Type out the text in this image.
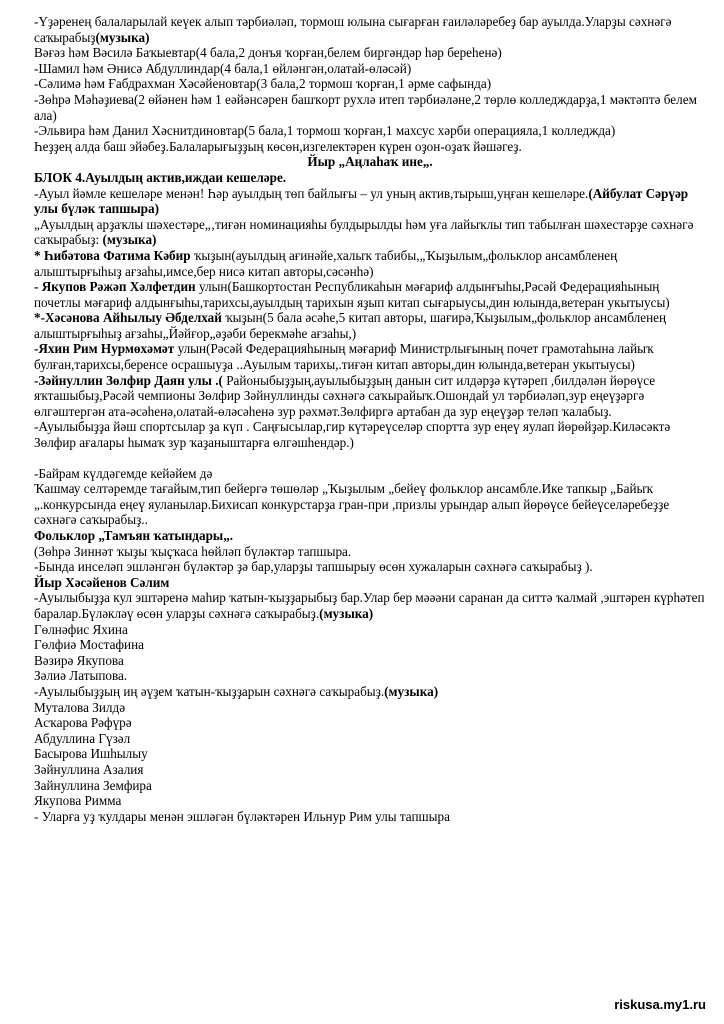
-Үҙәренең балаларылай кеүек алып тәрбиәләп, тормош юлына сығарған ғаиләләребеҙ бар ауылда.Уларҙы сәхнәгә саҡырабыҙ(музыка)

Вәғәз һәм Вәсилә Баҡыевтар(4 бала,2 донъя ҡорған,белем биргәндәр һәр береһенә)

-Шамил һәм Әнисә Абдуллиндар(4 бала,1 өйләнгән,олатай-өләсәй)

-Сәлимә һәм Ғабдрахман Хәсәйеновтар(3 бала,2 тормош ҡорған,1 әрме сафында)

-Зөһрә Мәһәҙиева(2 өйәнен һәм 1 еәйәнсәрен башҡорт рухлә итеп тәрбиәләне,2 төрлө колледждарҙа,1 мәктәптә белем ала)

-Эльвира һәм Данил Хәснитдиновтар(5 бала,1 тормош ҡорған,1 махсус хәрби операцияла,1 колледжда)

Һеҙҙең алда баш эйәбеҙ.Балаларығыҙҙың көсөн,изгелектәрен күрен оҙон-оҙаҡ йәшәгеҙ.

Йыр „Аңлаһаҡ ине„.

БЛОК 4.Ауылдың актив,иждаи кешеләре.

-Ауыл йәмле кешеләре менән! Һәр ауылдың төп байлығы – ул уның актив,тырыш,уңған кешеләре.(Айбулат Сәрүәр улы бүләк тапшыра)

„Ауылдың арҙаҡлы шәхестәре„‚тиғән номинацияһы булдырылды һәм уға лайыҡлы тип табылған шәхестәрҙе сәхнәгә саҡырабыҙ: (музыка)

* Һибәтова Фатима Кәбир ҡыҙын(ауылдың ағинәйе,халыҡ табибы,„Ҡыҙылым„фольклор ансамбленең алыштырғыһыҙ ағзаһы,имсе,бер нисә китап авторы,сәсәнһә)

- Якупов Рәжәп Хәлфетдин улын(Башкортостан Республикаһын мәғариф алдынғыһы,Рәсәй Федерацияһының почетлы мәғариф алдынғыһы,тарихсы,ауылдың тарихын яҙып китап сығарыусы,дин юлында,ветеран укытыусы)

*-Хәсәнова Айһылыу Әбделхай ҡыҙын(5 бала әсәһе,5 китап авторы, шағирә,Ҡыҙылым„фольклор ансамбленең алыштырғыһыҙ ағзаһы„Йәйғор„әҙәби берекмәһе ағзаһы,)

-Яхин Рим Нурмөхәмәт улын(Рәсәй Федерацияһының мәғариф Министрлығының почет грамотаһына лайыҡ булған,тарихсы,беренсе осрашыуҙа ..Ауылым тарихы,.тиғән китап авторы,дин юлында,ветеран укытыусы)

-Зәйнуллин Зөлфир Даян улы .( Районыбыҙҙың,ауылыбыҙҙың данын сит илдәрҙә күтәреп ,билдәлән йөрөүсе яҡташыбыҙ,Рәсәй чемпионы Зөлфир Зәйнуллинды сәхнәгә саҡырайыҡ.Ошондай ул тәрбиәләп,зур еңеүҙәргә өлгәштергән ата-әсәһенә,олатай-өләсәһенә зур рәхмәт.Зөлфиргә артабан да зур еңеүҙәр теләп ҡалабыҙ.

-Ауылыбыҙҙа йәш спортсылар ҙа күп . Саңғысылар,гир күтәреүселәр спортта зур еңеү яулап йөрөйҙәр.Киләсәктә Зөлфир ағалары һымаҡ зур ҡаҙаныштарға өлгәшһендәр.)

-Байрам күлдәгемде кейәйем дә

Ҡашмау селтәремде тағайым,тип бейергә төшөләр „Ҡыҙылым „бейеү фольклор ансамбле.Ике тапкыр „Байыҡ „.конкурсында еңеү яуланылар.Бихисап конкурстарҙа гран-при ,призлы урындар алып йөрөүсе бейеүселәребеҙҙе сәхнәгә саҡырабыҙ..

Фольклор „Тамъян ҡатындары„.

(Зөһрә Зиннәт ҡыҙы ҡыҫҡаса һөйләп бүләктәр тапшыра.

-Бында инселәп эшләнгән бүләктәр ҙә бар,уларҙы тапшырыу өсөн хужаларын сәхнәгә саҡырабыҙ ).

Йыр Хәсәйенов Сәлим

-Ауылыбыҙҙа кул эштәренә маһир ҡатын-ҡыҙҙарыбыҙ бар.Улар бер мәәәни саранан да ситтә ҡалмай ,эштәрен күрһәтеп баралар.Бүләкләү өсөн уларҙы сәхнәгә саҡырабыҙ.(музыка)

Гөлнәфис Яхина

Гөлфиә Мостафина

Вәзирә Якупова

Зәлиә Латыпова.

-Ауылыбыҙҙың иң әүҙем ҡатын-ҡыҙҙарын сәхнәгә саҡырабыҙ.(музыка)

Муталова Зилдә

Асҡарова Рәфүрә

Абдуллина Гүзәл

Басырова Ишһылыу

Зәйнуллина Азалия

Зайнуллина Земфира

Якупова Римма

- Уларға уҙ ҡулдары менән эшләгән бүләктәрен Ильнур Рим улы тапшыра

riskusa.my1.ru
